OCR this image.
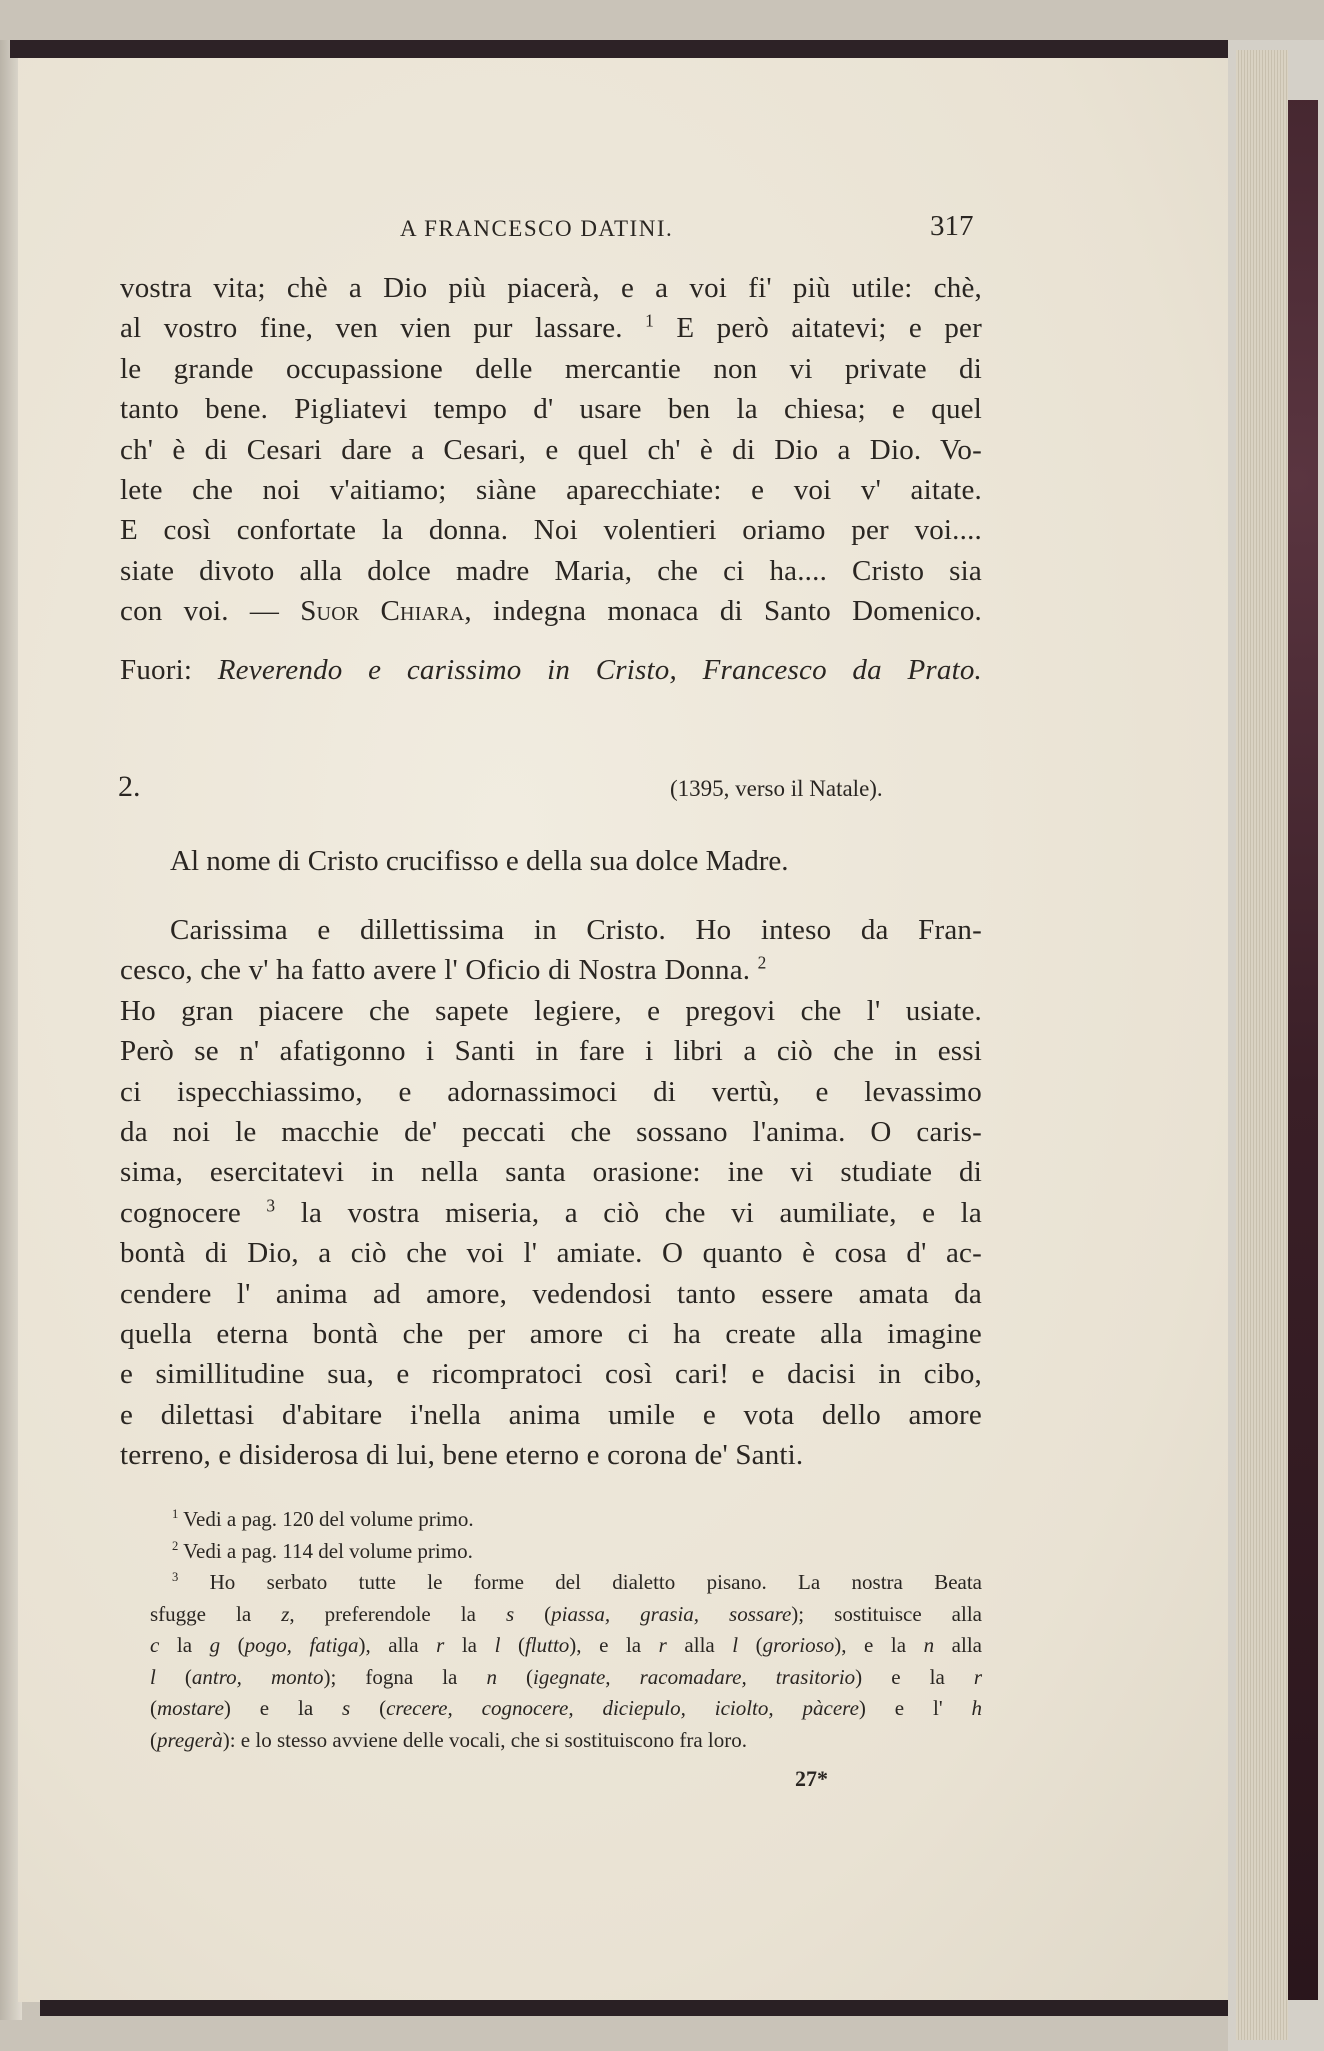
A FRANCESCO DATINI.	317
vostra vita; chè a Dio più piacerà, e a voi fi' più utile: chè,
al vostro fine, ven vien pur lassare. $^1$ E però aitatevi; e per
le grande occupassione delle mercantie non vi private di
tanto bene. Pigliatevi tempo d' usare ben la chiesa; e quel
ch' è di Cesari dare a Cesari, e quel ch' è di Dio a Dio. Vo-
lete che noi v'aitiamo; siàne aparecchiate: e voi v' aitate.
E così confortate la donna. Noi volentieri oriamo per voi....
siate divoto alla dolce madre Maria, che ci ha.... Cristo sia
con voi. — Suor Chiara, indegna monaca di Santo Domenico.
Fuori: Reverendo e carissimo in Cristo, Francesco da Prato.
2.	(1395, verso il Natale).
Al nome di Cristo crucifisso e della sua dolce Madre.
Carissima e dillettissima in Cristo. Ho inteso da Fran-
cesco, che v' ha fatto avere l' Oficio di Nostra Donna. $^2$
Ho gran piacere che sapete legiere, e pregovi che l' usiate.
Però se n' afatigonno i Santi in fare i libri a ciò che in essi
ci ispecchiassimo, e adornassimoci di vertù, e levassimo
da noi le macchie de' peccati che sossano l'anima. O caris-
sima, esercitatevi in nella santa orasione: ine vi studiate di
cognocere $^3$ la vostra miseria, a ciò che vi aumiliate, e la
bontà di Dio, a ciò che voi l' amiate. O quanto è cosa d' ac-
cendere l' anima ad amore, vedendosi tanto essere amata da
quella eterna bontà che per amore ci ha create alla imagine
e simillitudine sua, e ricompratoci così cari! e dacisi in cibo,
e dilettasi d'abitare i'nella anima umile e vota dello amore
terreno, e disiderosa di lui, bene eterno e corona de' Santi.
$^1$ Vedi a pag. 120 del volume primo.
$^2$ Vedi a pag. 114 del volume primo.
$^3$ Ho serbato tutte le forme del dialetto pisano. La nostra Beata
sfugge la z, preferendole la s (piassa, grasia, sossare); sostituisce alla
c la g (pogo, fatiga), alla r la l (flutto), e la r alla l (grorioso), e la n alla
l (antro, monto); fogna la n (igegnate, racomadare, trasitorio) e la r
(mostare) e la s (crecere, cognocere, diciepulo, iciolto, pàcere) e l' h
(pregerà): e lo stesso avviene delle vocali, che si sostituiscono fra loro.
27*
